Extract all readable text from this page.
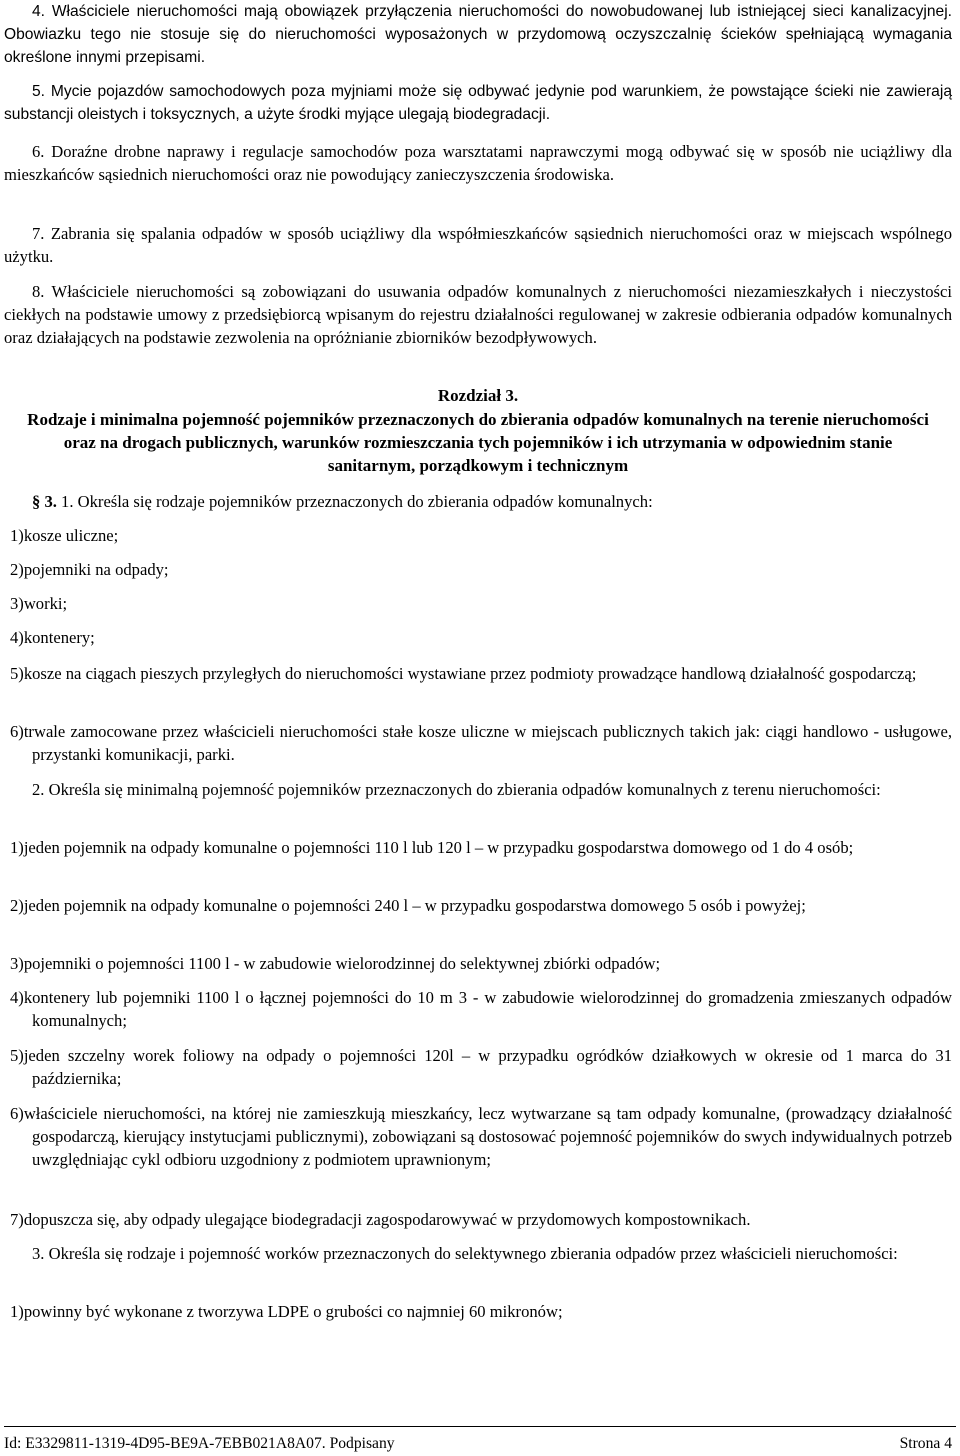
4. Właściciele nieruchomości mają obowiązek przyłączenia nieruchomości do nowobudowanej lub istniejącej sieci kanalizacyjnej. Obowiazku tego nie stosuje się do nieruchomości wyposażonych w przydomową oczyszczalnię ścieków spełniającą wymagania określone innymi przepisami.

5. Mycie pojazdów samochodowych poza myjniami może się odbywać jedynie pod warunkiem, że powstające ścieki nie zawierają substancji oleistych i toksycznych, a użyte środki myjące ulegają biodegradacji.

6. Doraźne drobne naprawy i regulacje samochodów poza warsztatami naprawczymi mogą odbywać się w sposób nie uciążliwy dla mieszkańców sąsiednich nieruchomości oraz nie powodujący zanieczyszczenia środowiska.

7. Zabrania się spalania odpadów w sposób uciążliwy dla współmieszkańców sąsiednich nieruchomości oraz w miejscach wspólnego użytku.

8. Właściciele nieruchomości są zobowiązani do usuwania odpadów komunalnych z nieruchomości niezamieszkałych i nieczystości ciekłych na podstawie umowy z przedsiębiorcą wpisanym do rejestru działalności regulowanej w zakresie odbierania odpadów komunalnych oraz działających na podstawie zezwolenia na opróżnianie zbiorników bezodpływowych.

Rozdział 3.
Rodzaje i minimalna pojemność pojemników przeznaczonych do zbierania odpadów komunalnych na terenie nieruchomości oraz na drogach publicznych, warunków rozmieszczania tych pojemników i ich utrzymania w odpowiednim stanie sanitarnym, porządkowym i technicznym
§ 3. 1. Określa się rodzaje pojemników przeznaczonych do zbierania odpadów komunalnych:
1)kosze uliczne;
2)pojemniki na odpady;
3)worki;
4)kontenery;
5)kosze na ciągach pieszych przyległych do nieruchomości wystawiane przez podmioty prowadzące handlową działalność gospodarczą;
6)trwale zamocowane przez właścicieli nieruchomości stałe kosze uliczne w miejscach publicznych takich jak: ciągi handlowo - usługowe, przystanki komunikacji, parki.

2. Określa się minimalną pojemność pojemników przeznaczonych do zbierania odpadów komunalnych z terenu nieruchomości:

1)jeden pojemnik na odpady komunalne o pojemności 110 l lub 120 l – w przypadku gospodarstwa domowego od 1 do 4 osób;
2)jeden pojemnik na odpady komunalne o pojemności 240 l – w przypadku gospodarstwa domowego 5 osób i powyżej;
3)pojemniki o pojemności 1100 l - w zabudowie wielorodzinnej do selektywnej zbiórki odpadów;
4)kontenery lub pojemniki 1100 l o łącznej pojemności do 10 m 3 - w zabudowie wielorodzinnej do gromadzenia zmieszanych odpadów komunalnych;
5)jeden szczelny worek foliowy na odpady o pojemności 120l – w przypadku ogródków działkowych w okresie od 1 marca do 31 października;
6)właściciele nieruchomości, na której nie zamieszkują mieszkańcy, lecz wytwarzane są tam odpady komunalne, (prowadzący działalność gospodarczą, kierujący instytucjami publicznymi), zobowiązani są dostosować pojemność pojemników do swych indywidualnych potrzeb uwzględniając cykl odbioru uzgodniony z podmiotem uprawnionym;
7)dopuszcza się, aby odpady ulegające biodegradacji zagospodarowywać w przydomowych kompostownikach.

3. Określa się rodzaje i pojemność worków przeznaczonych do selektywnego zbierania odpadów przez właścicieli nieruchomości:

1)powinny być wykonane z tworzywa LDPE o grubości co najmniej 60 mikronów;
Id: E3329811-1319-4D95-BE9A-7EBB021A8A07. Podpisany	Strona 4
